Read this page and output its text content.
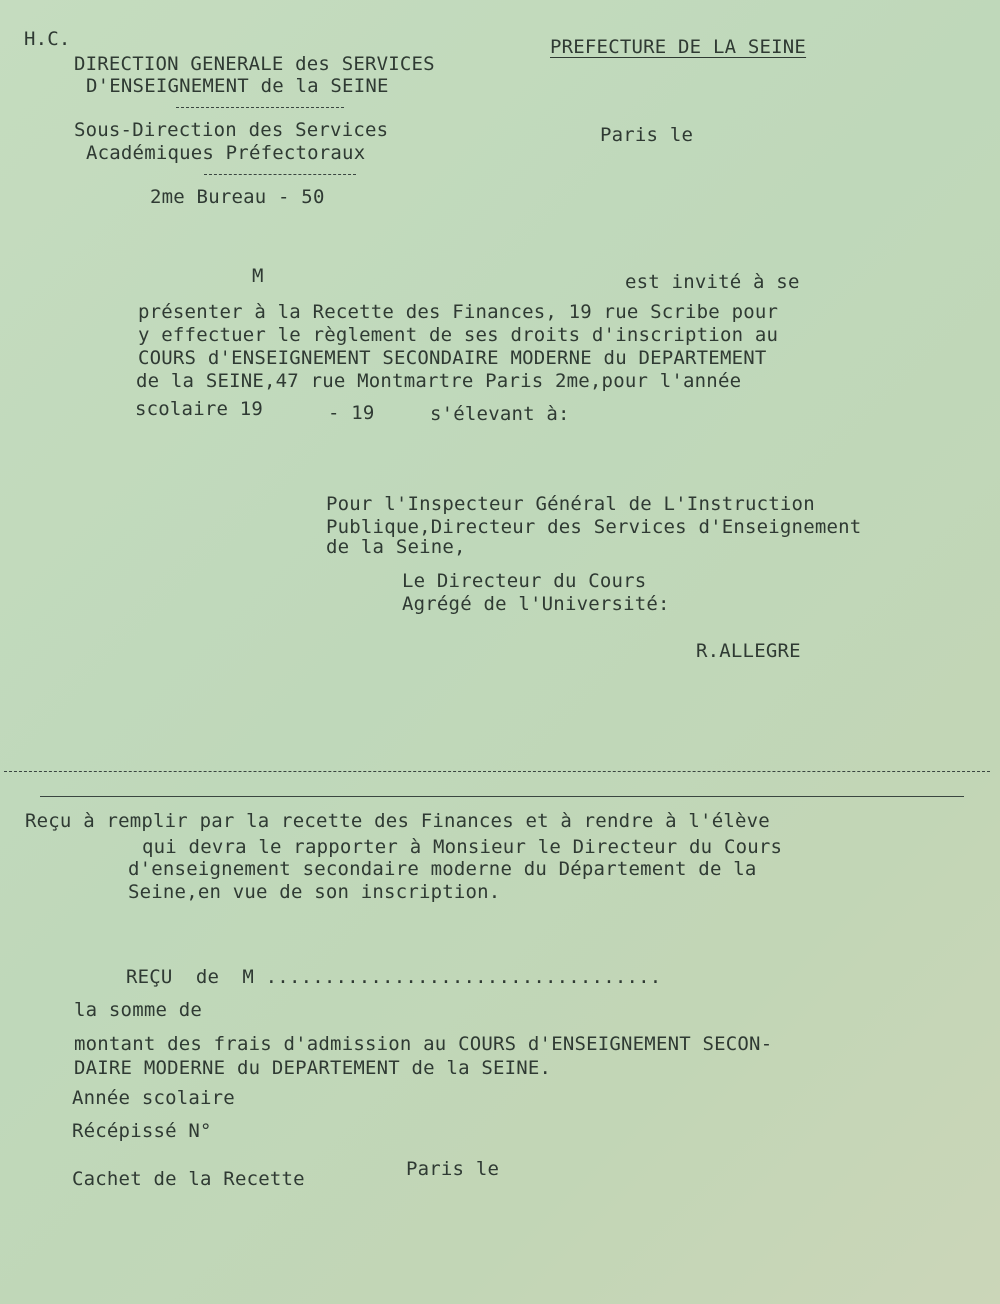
H.C.	PREFECTURE DE LA SEINE
DIRECTION GENERALE des SERVICES
D'ENSEIGNEMENT de la SEINE
Sous-Direction des Services
Académiques Préfectoraux
Paris le
2me Bureau - 50
M	est invité à se
présenter à la Recette des Finances, 19 rue Scribe pour
y effectuer le règlement de ses droits d'inscription au
COURS d'ENSEIGNEMENT SECONDAIRE MODERNE du DEPARTEMENT
de la SEINE,47 rue Montmartre Paris 2me,pour l'année
scolaire 19	- 19	s'élevant à:
Pour l'Inspecteur Général de L'Instruction
Publique,Directeur des Services d'Enseignement
de la Seine,
Le Directeur du Cours
Agrégé de l'Université:
R.ALLEGRE
Reçu à remplir par la recette des Finances et à rendre à l'élève
qui devra le rapporter à Monsieur le Directeur du Cours
d'enseignement secondaire moderne du Département de la
Seine,en vue de son inscription.
REÇU  de  M ..................................
la somme de
montant des frais d'admission au COURS d'ENSEIGNEMENT SECON-
DAIRE MODERNE du DEPARTEMENT de la SEINE.
Année scolaire
Récépissé N°
Cachet de la Recette	Paris le
